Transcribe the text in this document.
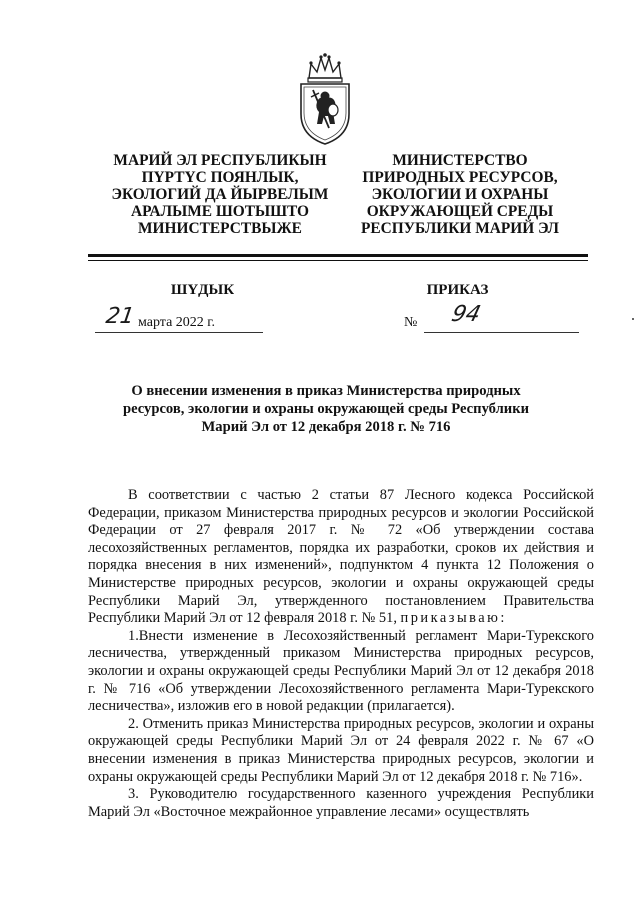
МАРИЙ ЭЛ РЕСПУБЛИКЫН
ПҮРТҮС ПОЯНЛЫК,
ЭКОЛОГИЙ ДА ЙЫРВЕЛЫМ
АРАЛЫМЕ ШОТЫШТО
МИНИСТЕРСТВЫЖЕ
МИНИСТЕРСТВО
ПРИРОДНЫХ РЕСУРСОВ,
ЭКОЛОГИИ И ОХРАНЫ
ОКРУЖАЮЩЕЙ СРЕДЫ
РЕСПУБЛИКИ МАРИЙ ЭЛ
ШҮДЫК	ПРИКАЗ
21 марта 2022 г.	№ 94
О внесении изменения в приказ Министерства природных
ресурсов, экологии и охраны окружающей среды Республики
Марий Эл от 12 декабря 2018 г. № 716

В соответствии с частью 2 статьи 87 Лесного кодекса Российской Федерации, приказом Министерства природных ресурсов и экологии Российской Федерации от 27 февраля 2017 г. № 72 «Об утверждении состава лесохозяйственных регламентов, порядка их разработки, сроков их действия и порядка внесения в них изменений», подпунктом 4 пункта 12 Положения о Министерстве природных ресурсов, экологии и охраны окружающей среды Республики Марий Эл, утвержденного постановлением Правительства Республики Марий Эл от 12 февраля 2018 г. № 51, приказываю:

1.Внести изменение в Лесохозяйственный регламент Мари-Турекского лесничества, утвержденный приказом Министерства природных ресурсов, экологии и охраны окружающей среды Республики Марий Эл от 12 декабря 2018 г. № 716 «Об утверждении Лесохозяйственного регламента Мари-Турекского лесничества», изложив его в новой редакции (прилагается).

2. Отменить приказ Министерства природных ресурсов, экологии и охраны окружающей среды Республики Марий Эл от 24 февраля 2022 г. № 67 «О внесении изменения в приказ Министерства природных ресурсов, экологии и охраны окружающей среды Республики Марий Эл от 12 декабря 2018 г. № 716».

3. Руководителю государственного казенного учреждения Республики Марий Эл «Восточное межрайонное управление лесами» осуществлять
